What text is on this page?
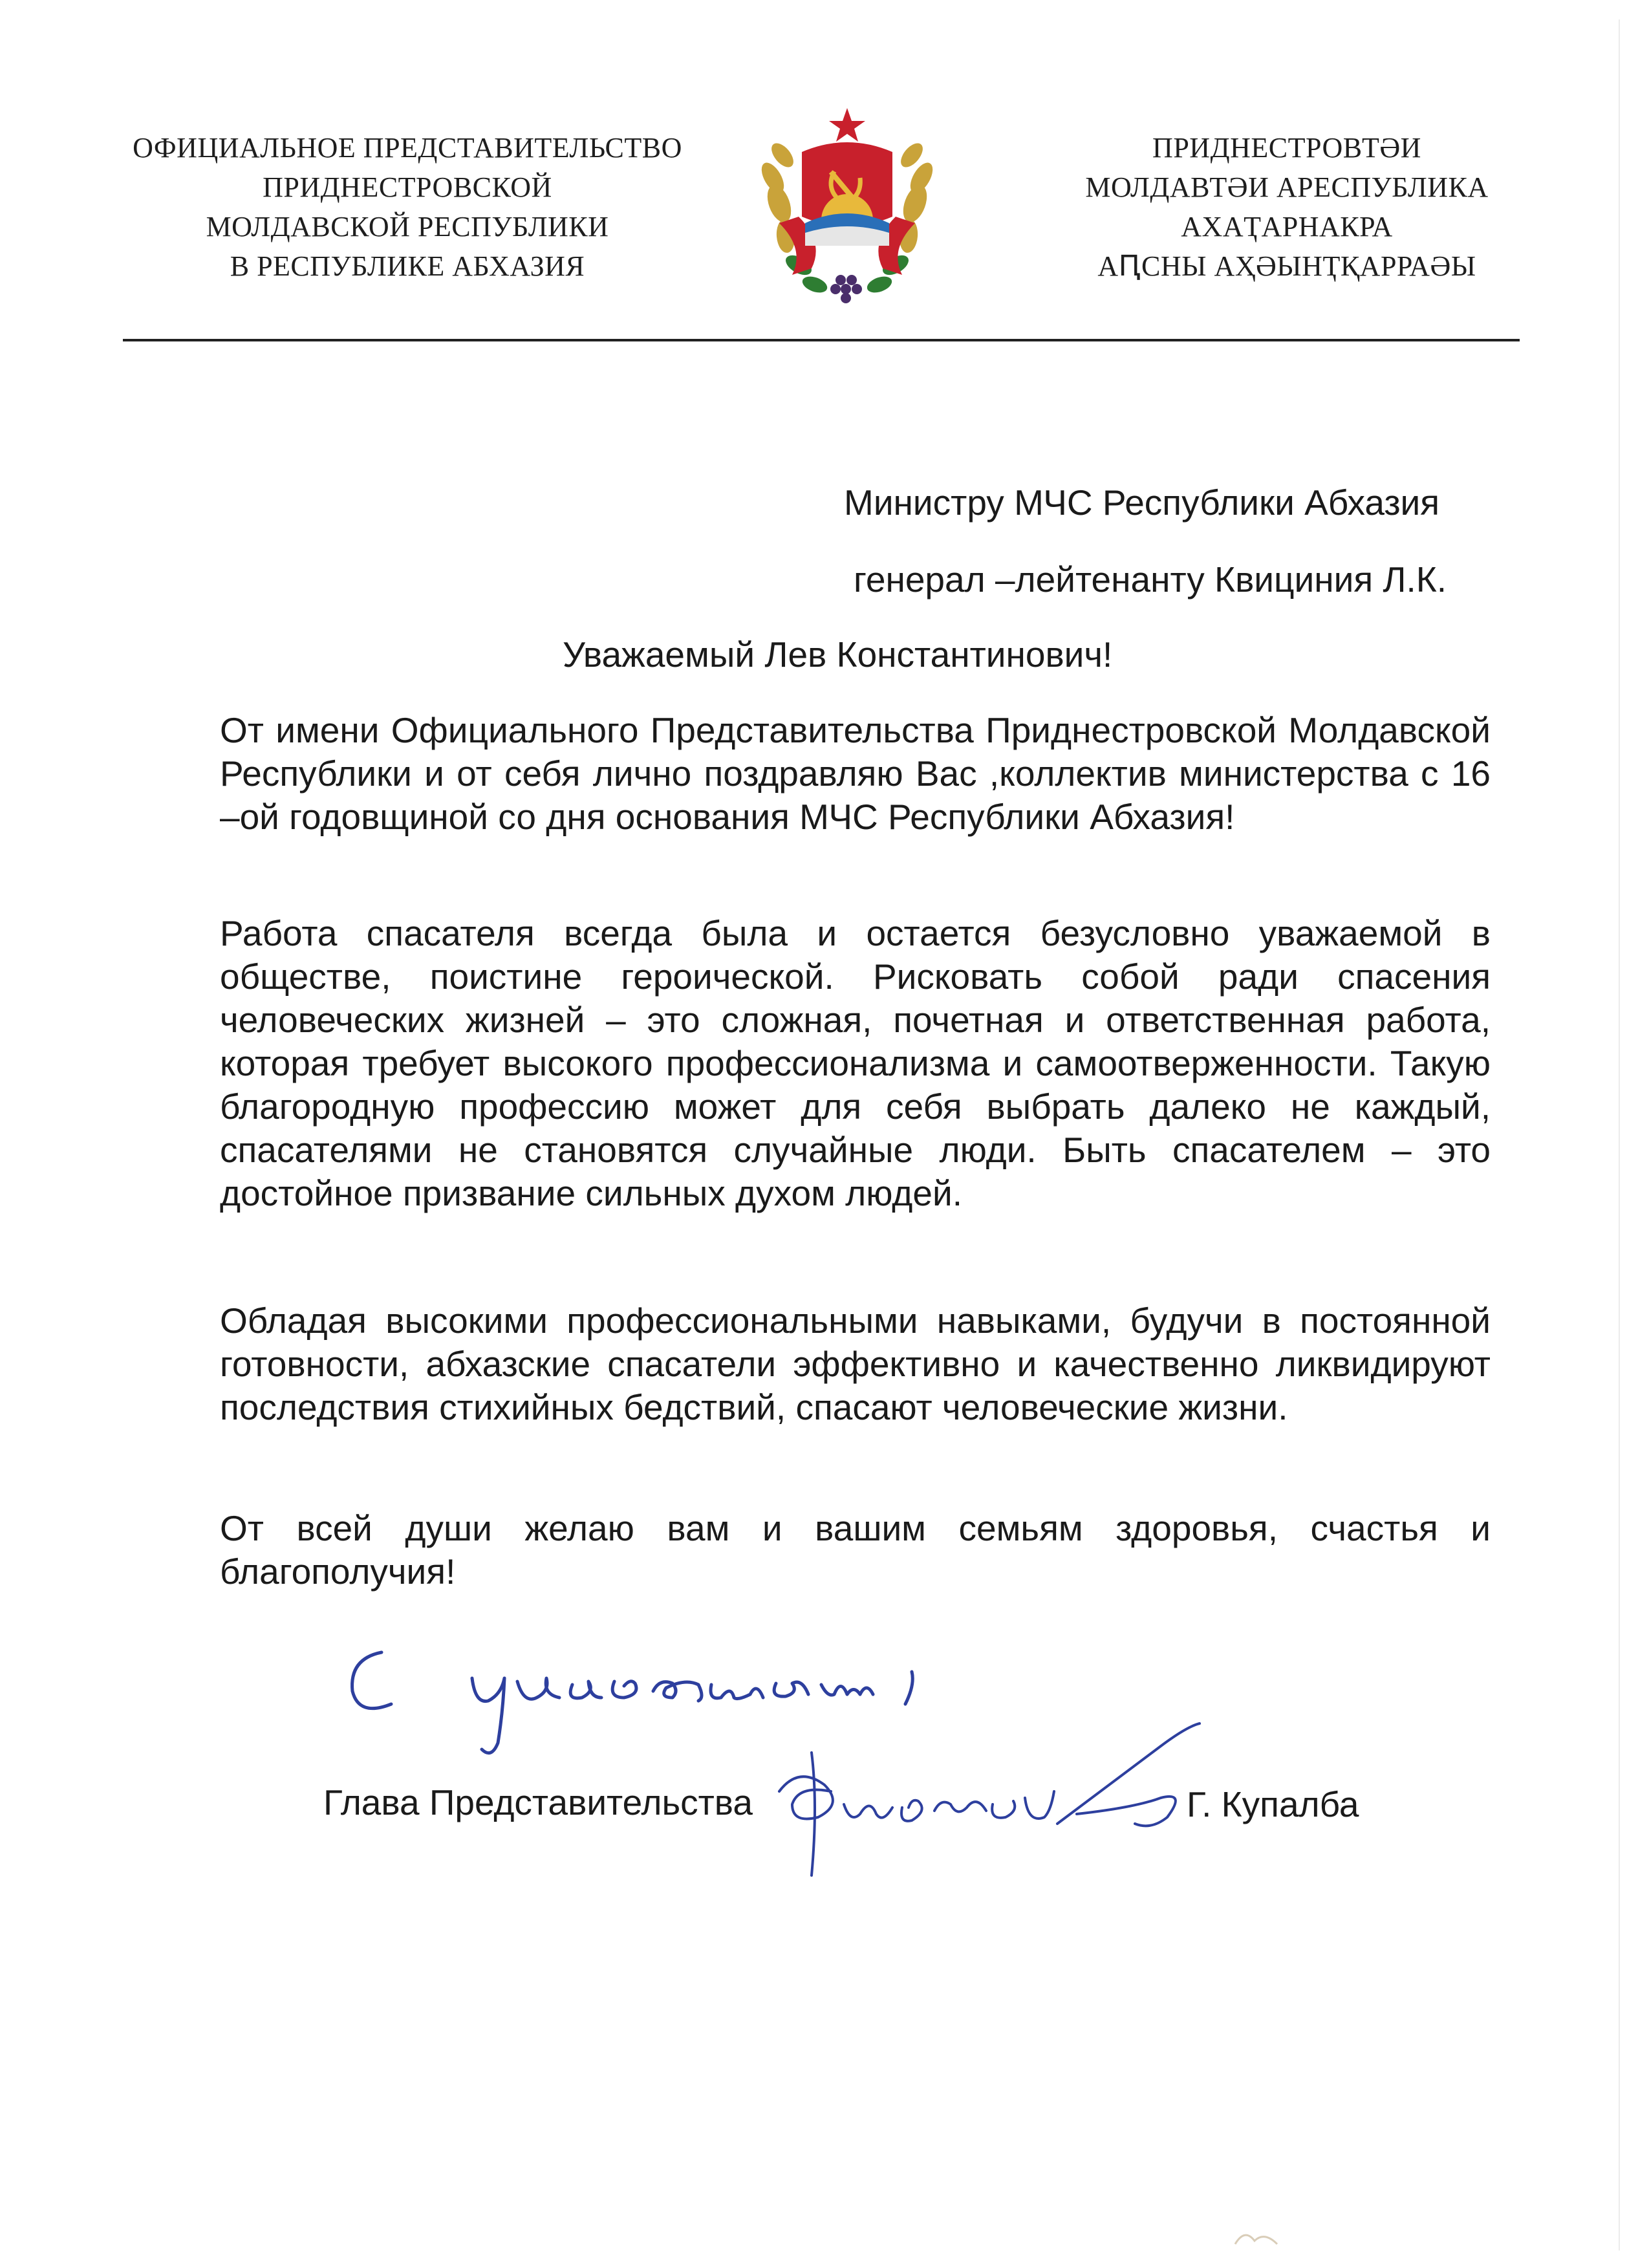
ОФИЦИАЛЬНОЕ ПРЕДСТАВИТЕЛЬСТВО
ПРИДНЕСТРОВСКОЙ
МОЛДАВСКОЙ РЕСПУБЛИКИ
В РЕСПУБЛИКЕ АБХАЗИЯ
ПРИДНЕСТРОВТӘИ
МОЛДАВТӘИ АРЕСПУБЛИКА
АХАҬАРНАКРА
АԤСНЫ АҲӘЫНҬҚАРРАӘЫ
Министру МЧС Республики Абхазия
генерал –лейтенанту Квициния Л.К.
Уважаемый Лев Константинович!
От имени Официального Представительства Приднестровской Молдавской Республики и от себя лично поздравляю Вас ,коллектив министерства с 16 –ой годовщиной со дня основания МЧС Республики Абхазия!
Работа спасателя всегда была и остается безусловно уважаемой в обществе, поистине героической. Рисковать собой ради спасения человеческих жизней – это сложная, почетная и ответственная работа, которая требует высокого профессионализма и самоотверженности. Такую благородную профессию может для себя выбрать далеко не каждый, спасателями не становятся случайные люди. Быть спасателем – это достойное призвание сильных духом людей.
Обладая высокими профессиональными навыками, будучи в постоянной готовности, абхазские спасатели эффективно и качественно ликвидируют последствия стихийных бедствий, спасают человеческие жизни.
От всей души желаю вам и вашим семьям здоровья, счастья и благополучия!
Глава Представительства	Г. Купалба
